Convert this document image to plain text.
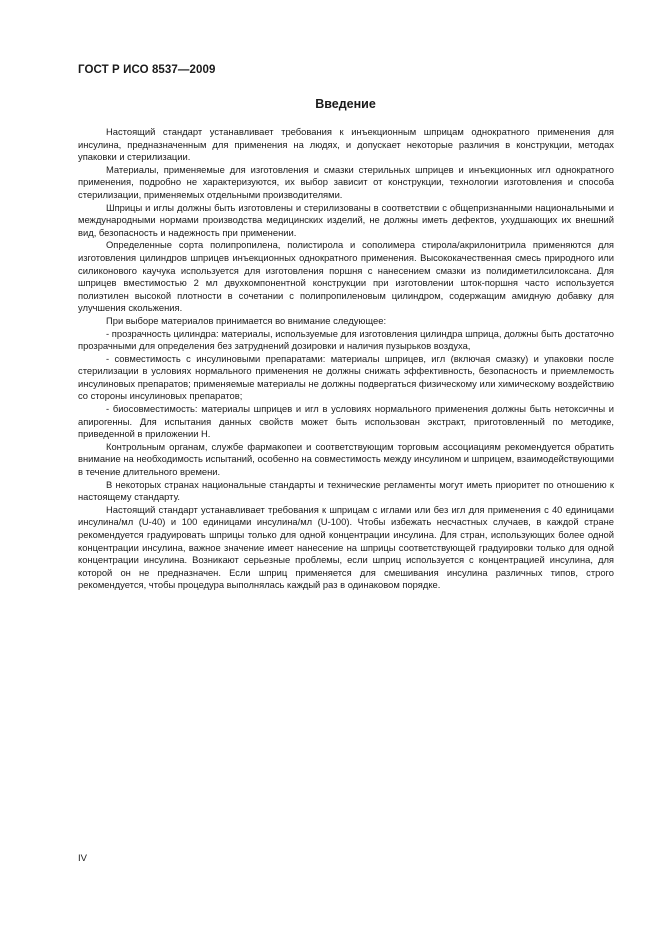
ГОСТ Р ИСО 8537—2009
Введение

Настоящий стандарт устанавливает требования к инъекционным шприцам однократного применения для инсулина, предназначенным для применения на людях, и допускает некоторые различия в конструкции, методах упаковки и стерилизации.

Материалы, применяемые для изготовления и смазки стерильных шприцев и инъекционных игл однократного применения, подробно не характеризуются, их выбор зависит от конструкции, технологии изготовления и способа стерилизации, применяемых отдельными производителями.

Шприцы и иглы должны быть изготовлены и стерилизованы в соответствии с общепризнанными национальными и международными нормами производства медицинских изделий, не должны иметь дефектов, ухудшающих их внешний вид, безопасность и надежность при применении.

Определенные сорта полипропилена, полистирола и сополимера стирола/акрилонитрила применяются для изготовления цилиндров шприцев инъекционных однократного применения. Высококачественная смесь природного или силиконового каучука используется для изготовления поршня с нанесением смазки из полидиметилсилоксана. Для шприцев вместимостью 2 мл двухкомпонентной конструкции при изготовлении шток-поршня часто используется полиэтилен высокой плотности в сочетании с полипропиленовым цилиндром, содержащим амидную добавку для улучшения скольжения.

При выборе материалов принимается во внимание следующее:

- прозрачность цилиндра: материалы, используемые для изготовления цилиндра шприца, должны быть достаточно прозрачными для определения без затруднений дозировки и наличия пузырьков воздуха,

- совместимость с инсулиновыми препаратами: материалы шприцев, игл (включая смазку) и упаковки после стерилизации в условиях нормального применения не должны снижать эффективность, безопасность и приемлемость инсулиновых препаратов; применяемые материалы не должны подвергаться физическому или химическому воздействию со стороны инсулиновых препаратов;

- биосовместимость: материалы шприцев и игл в условиях нормального применения должны быть нетоксичны и апирогенны. Для испытания данных свойств может быть использован экстракт, приготовленный по методике, приведенной в приложении Н.

Контрольным органам, службе фармакопеи и соответствующим торговым ассоциациям рекомендуется обратить внимание на необходимость испытаний, особенно на совместимость между инсулином и шприцем, взаимодействующими в течение длительного времени.

В некоторых странах национальные стандарты и технические регламенты могут иметь приоритет по отношению к настоящему стандарту.

Настоящий стандарт устанавливает требования к шприцам с иглами или без игл для применения с 40 единицами инсулина/мл (U-40) и 100 единицами инсулина/мл (U-100). Чтобы избежать несчастных случаев, в каждой стране рекомендуется градуировать шприцы только для одной концентрации инсулина. Для стран, использующих более одной концентрации инсулина, важное значение имеет нанесение на шприцы соответствующей градуировки только для одной концентрации инсулина. Возникают серьезные проблемы, если шприц используется с концентрацией инсулина, для которой он не предназначен. Если шприц применяется для смешивания инсулина различных типов, строго рекомендуется, чтобы процедура выполнялась каждый раз в одинаковом порядке.

IV
